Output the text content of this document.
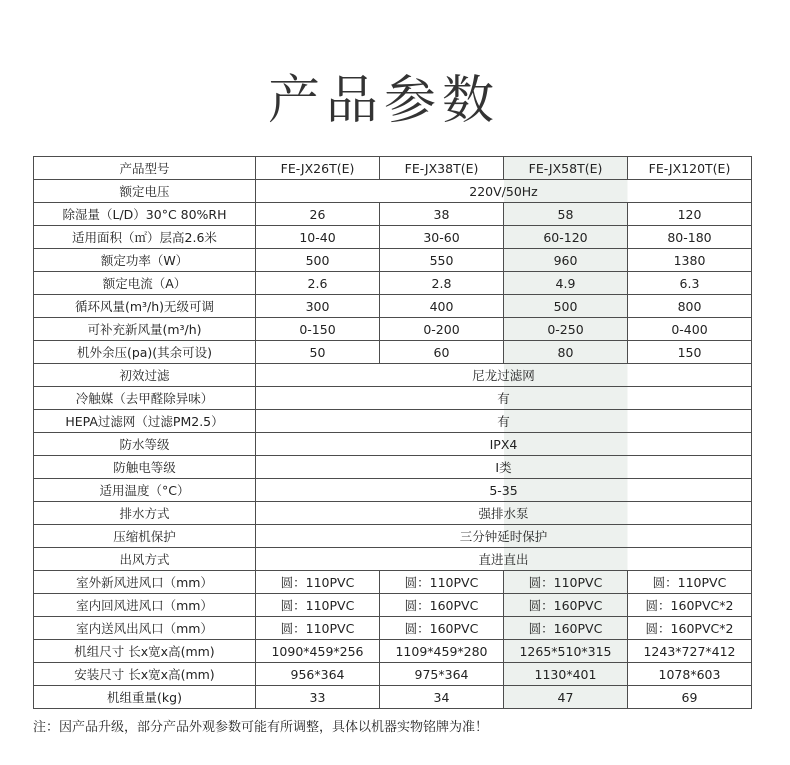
产品参数
产品型号	FE-JX26T(E)	FE-JX38T(E)	FE-JX58T(E)	FE-JX120T(E)
额定电压	220V/50Hz			
除湿量（L/D）30°C 80%RH	26	38	58	120
适用面积（㎡）层高2.6米	10-40	30-60	60-120	80-180
额定功率（W）	500	550	960	1380
额定电流（A）	2.6	2.8	4.9	6.3
循环风量(m³/h)无级可调	300	400	500	800
可补充新风量(m³/h)	0-150	0-200	0-250	0-400
机外余压(pa)(其余可设)	50	60	80	150
初效过滤	尼龙过滤网			
冷触媒（去甲醛除异味）	有			
HEPA过滤网（过滤PM2.5）	有			
防水等级	IPX4			
防触电等级	I类			
适用温度（°C）	5-35			
排水方式	强排水泵			
压缩机保护	三分钟延时保护			
出风方式	直进直出			
室外新风进风口（mm）	圆：110PVC	圆：110PVC	圆：110PVC	圆：110PVC
室内回风进风口（mm）	圆：110PVC	圆：160PVC	圆：160PVC	圆：160PVC*2
室内送风出风口（mm）	圆：110PVC	圆：160PVC	圆：160PVC	圆：160PVC*2
机组尺寸 长x宽x高(mm)	1090*459*256	1109*459*280	1265*510*315	1243*727*412
安装尺寸 长x宽x高(mm)	956*364	975*364	1130*401	1078*603
机组重量(kg)	33	34	47	69
注：因产品升级，部分产品外观参数可能有所调整，具体以机器实物铭牌为准！
